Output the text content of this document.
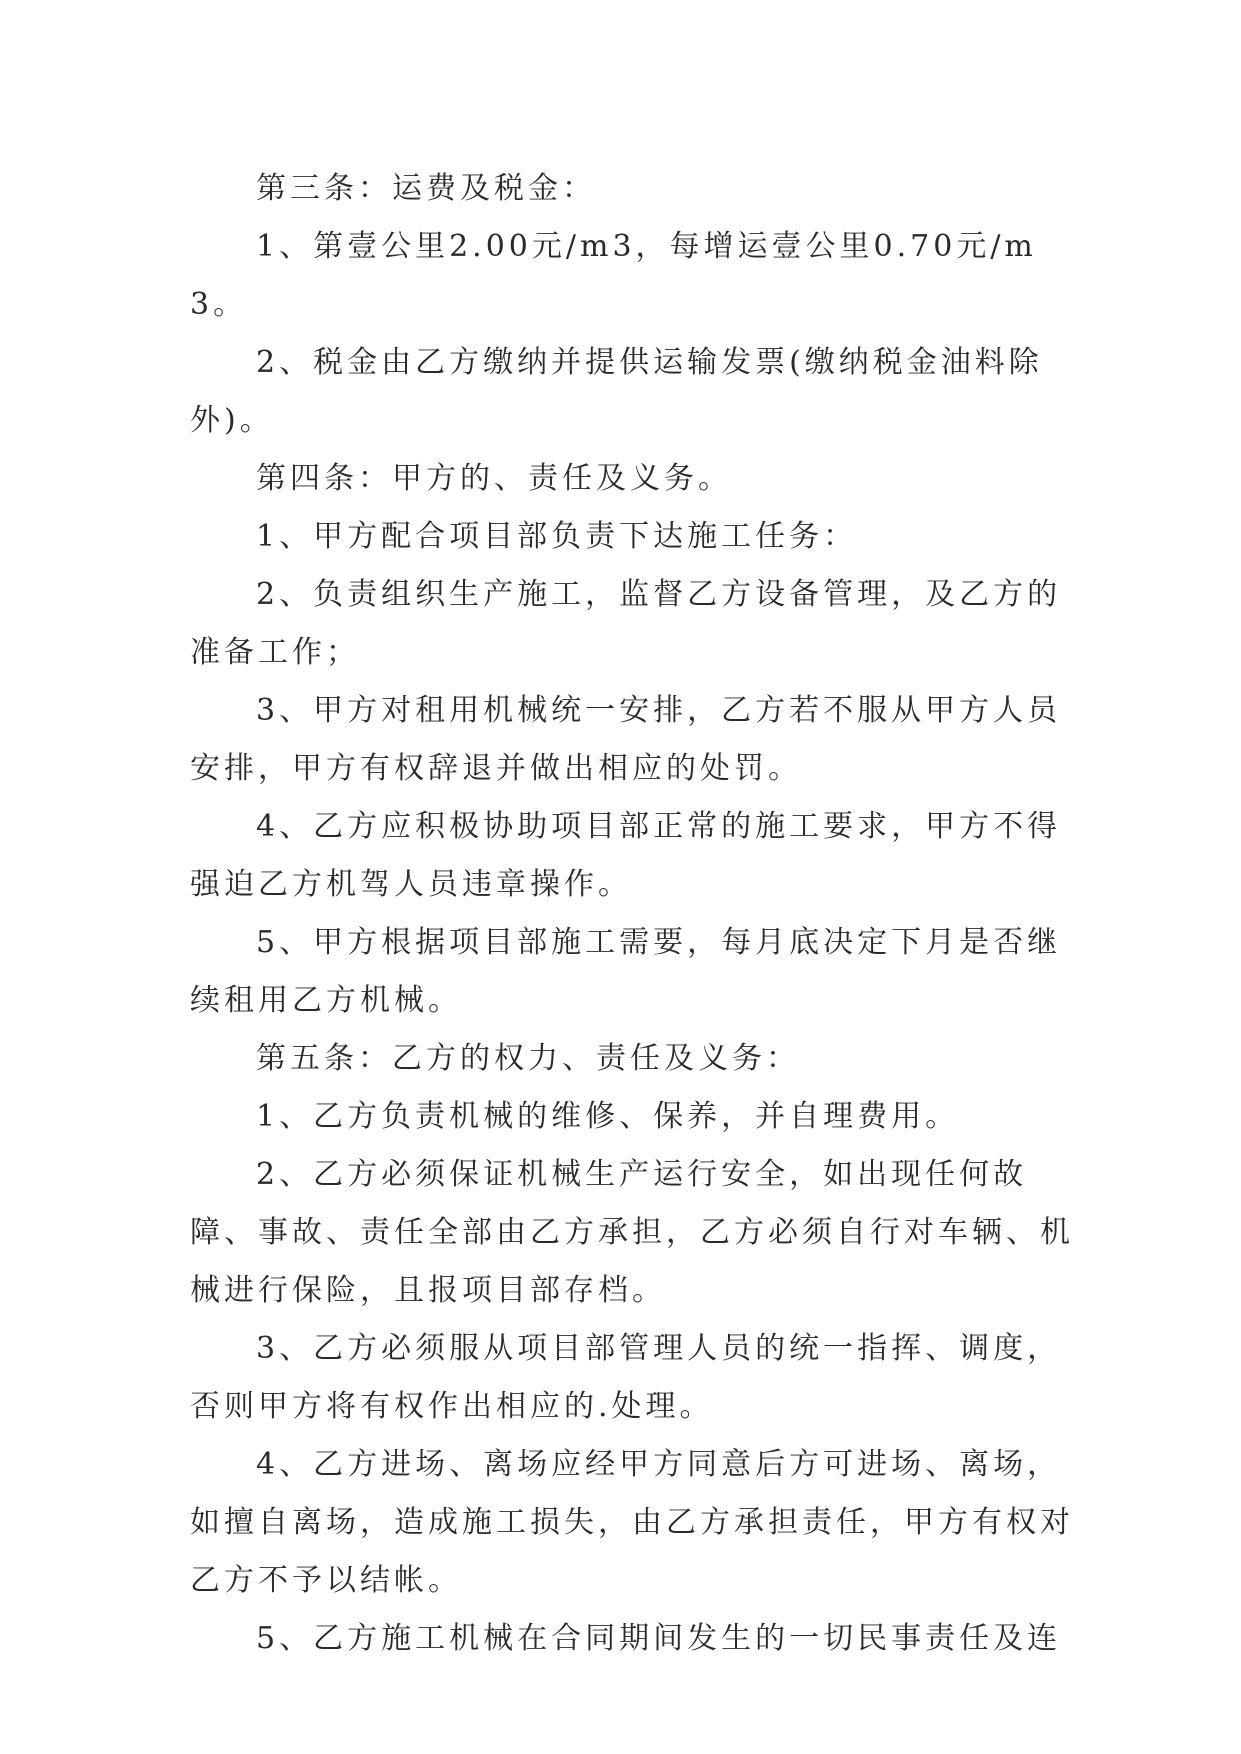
第三条：运费及税金：

1、第壹公里2.00元/m3，每增运壹公里0.70元/m3。

2、税金由乙方缴纳并提供运输发票(缴纳税金油料除外)。

第四条：甲方的、责任及义务。

1、甲方配合项目部负责下达施工任务：

2、负责组织生产施工，监督乙方设备管理，及乙方的准备工作；

3、甲方对租用机械统一安排，乙方若不服从甲方人员安排，甲方有权辞退并做出相应的处罚。

4、乙方应积极协助项目部正常的施工要求，甲方不得强迫乙方机驾人员违章操作。

5、甲方根据项目部施工需要，每月底决定下月是否继续租用乙方机械。

第五条：乙方的权力、责任及义务：

1、乙方负责机械的维修、保养，并自理费用。

2、乙方必须保证机械生产运行安全，如出现任何故障、事故、责任全部由乙方承担，乙方必须自行对车辆、机械进行保险，且报项目部存档。

3、乙方必须服从项目部管理人员的统一指挥、调度，否则甲方将有权作出相应的.处理。

4、乙方进场、离场应经甲方同意后方可进场、离场，如擅自离场，造成施工损失，由乙方承担责任，甲方有权对乙方不予以结帐。

5、乙方施工机械在合同期间发生的一切民事责任及连
